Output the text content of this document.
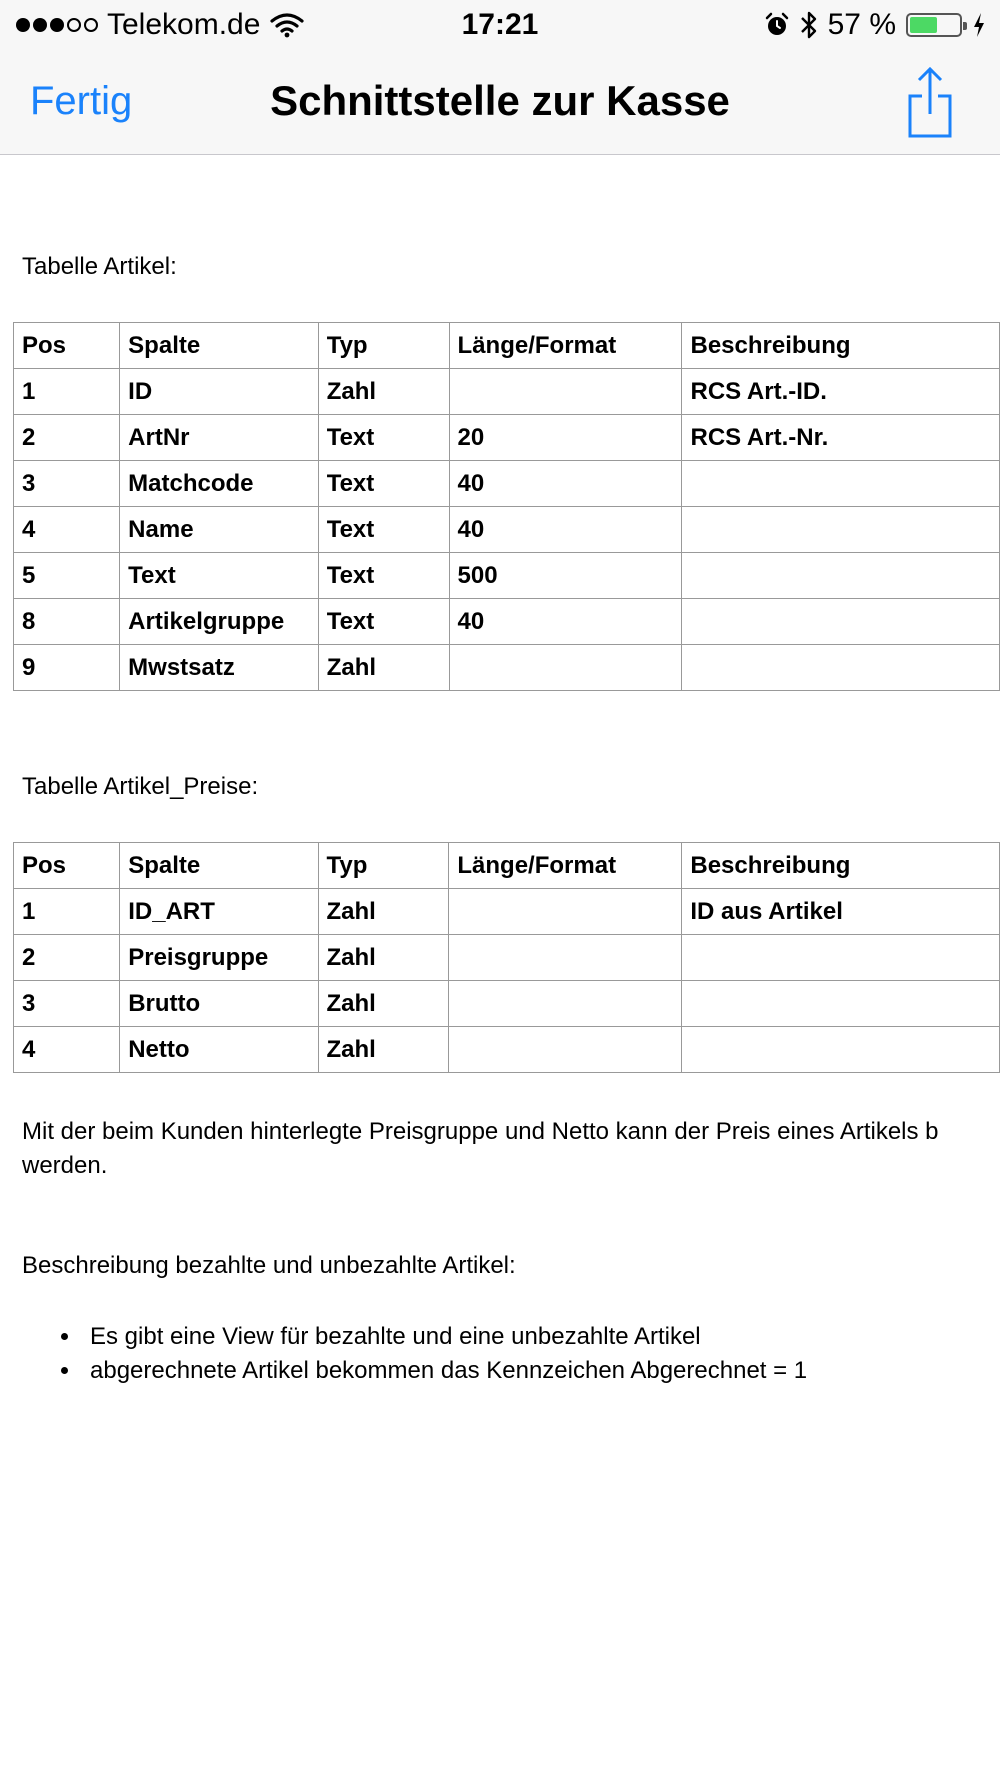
Telekom.de	17:21	57 %
Fertig	Schnittstelle zur Kasse
Tabelle Artikel:
Pos	Spalte	Typ	Länge/Format	Beschreibung
1	ID	Zahl		RCS Art.-ID.
2	ArtNr	Text	20	RCS Art.-Nr.
3	Matchcode	Text	40	
4	Name	Text	40	
5	Text	Text	500	
8	Artikelgruppe	Text	40	
9	Mwstsatz	Zahl		
Tabelle Artikel_Preise:
Pos	Spalte	Typ	Länge/Format	Beschreibung
1	ID_ART	Zahl		ID aus Artikel
2	Preisgruppe	Zahl		
3	Brutto	Zahl		
4	Netto	Zahl		
Mit der beim Kunden hinterlegte Preisgruppe und Netto kann der Preis eines Artikels b
werden.
Beschreibung bezahlte und unbezahlte Artikel:
• Es gibt eine View für bezahlte und eine unbezahlte Artikel
• abgerechnete Artikel bekommen das Kennzeichen Abgerechnet = 1
